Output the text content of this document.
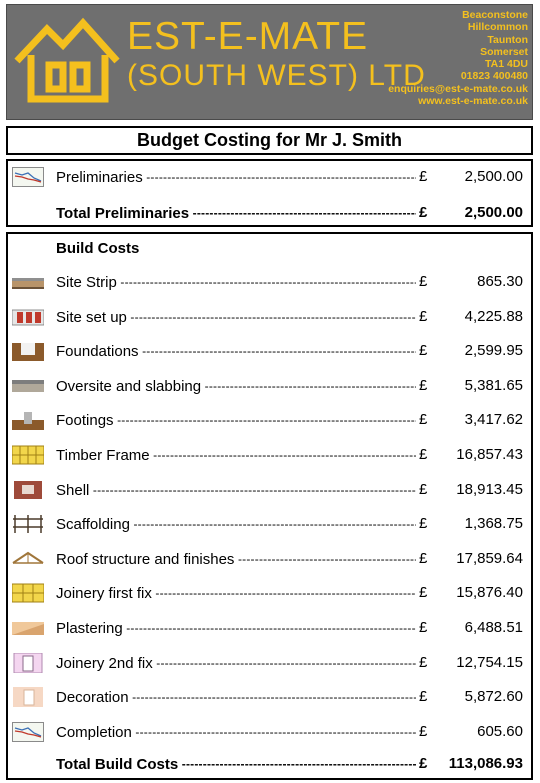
EST-E-MATE
(SOUTH WEST) LTD
Beaconstone
Hillcommon
Taunton
Somerset
TA1 4DU
01823 400480
enquiries@est-e-mate.co.uk
www.est-e-mate.co.uk
Budget Costing for Mr J. Smith
Preliminaries -----	£ 2,500.00
Total Preliminaries -----	£ 2,500.00
Build Costs
Site Strip -----	£	865.30
Site set up -----	£ 4,225.88
Foundations -----	£ 2,599.95
Oversite and slabbing -----	£ 5,381.65
Footings -----	£ 3,417.62
Timber Frame -----	£ 16,857.43
Shell -----	£ 18,913.45
Scaffolding -----	£ 1,368.75
Roof structure and finishes -----	£ 17,859.64
Joinery first fix -----	£ 15,876.40
Plastering -----	£ 6,488.51
Joinery 2nd fix -----	£ 12,754.15
Decoration -----	£ 5,872.60
Completion -----	£	605.60
Total Build Costs -----	£ 113,086.93
